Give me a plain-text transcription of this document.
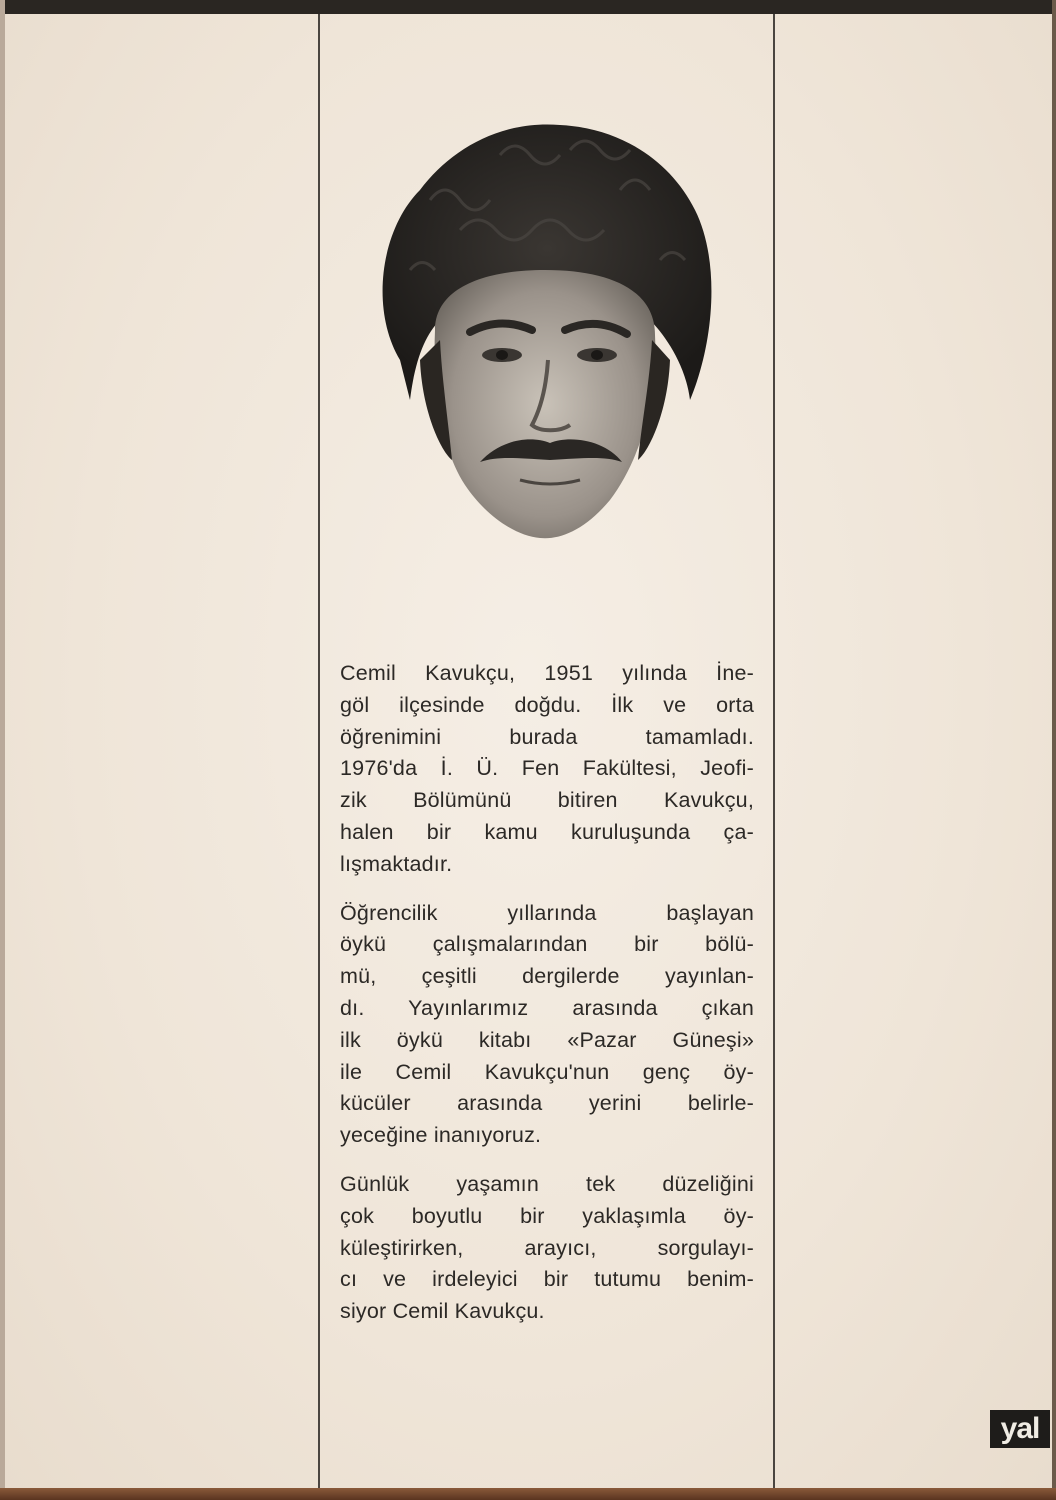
Cemil Kavukçu, 1951 yılında İne-
göl ilçesinde doğdu. İlk ve orta
öğrenimini burada tamamladı.
1976'da İ. Ü. Fen Fakültesi, Jeofi-
zik Bölümünü bitiren Kavukçu,
halen bir kamu kuruluşunda ça-
lışmaktadır.

Öğrencilik yıllarında başlayan
öykü çalışmalarından bir bölü-
mü, çeşitli dergilerde yayınlan-
dı. Yayınlarımız arasında çıkan
ilk öykü kitabı «Pazar Güneşi»
ile Cemil Kavukçu'nun genç öy-
kücüler arasında yerini belirle-
yeceğine inanıyoruz.

Günlük yaşamın tek düzeliğini
çok boyutlu bir yaklaşımla öy-
küleştirirken, arayıcı, sorgulayı-
cı ve irdeleyici bir tutumu benim-
siyor Cemil Kavukçu.

yal
